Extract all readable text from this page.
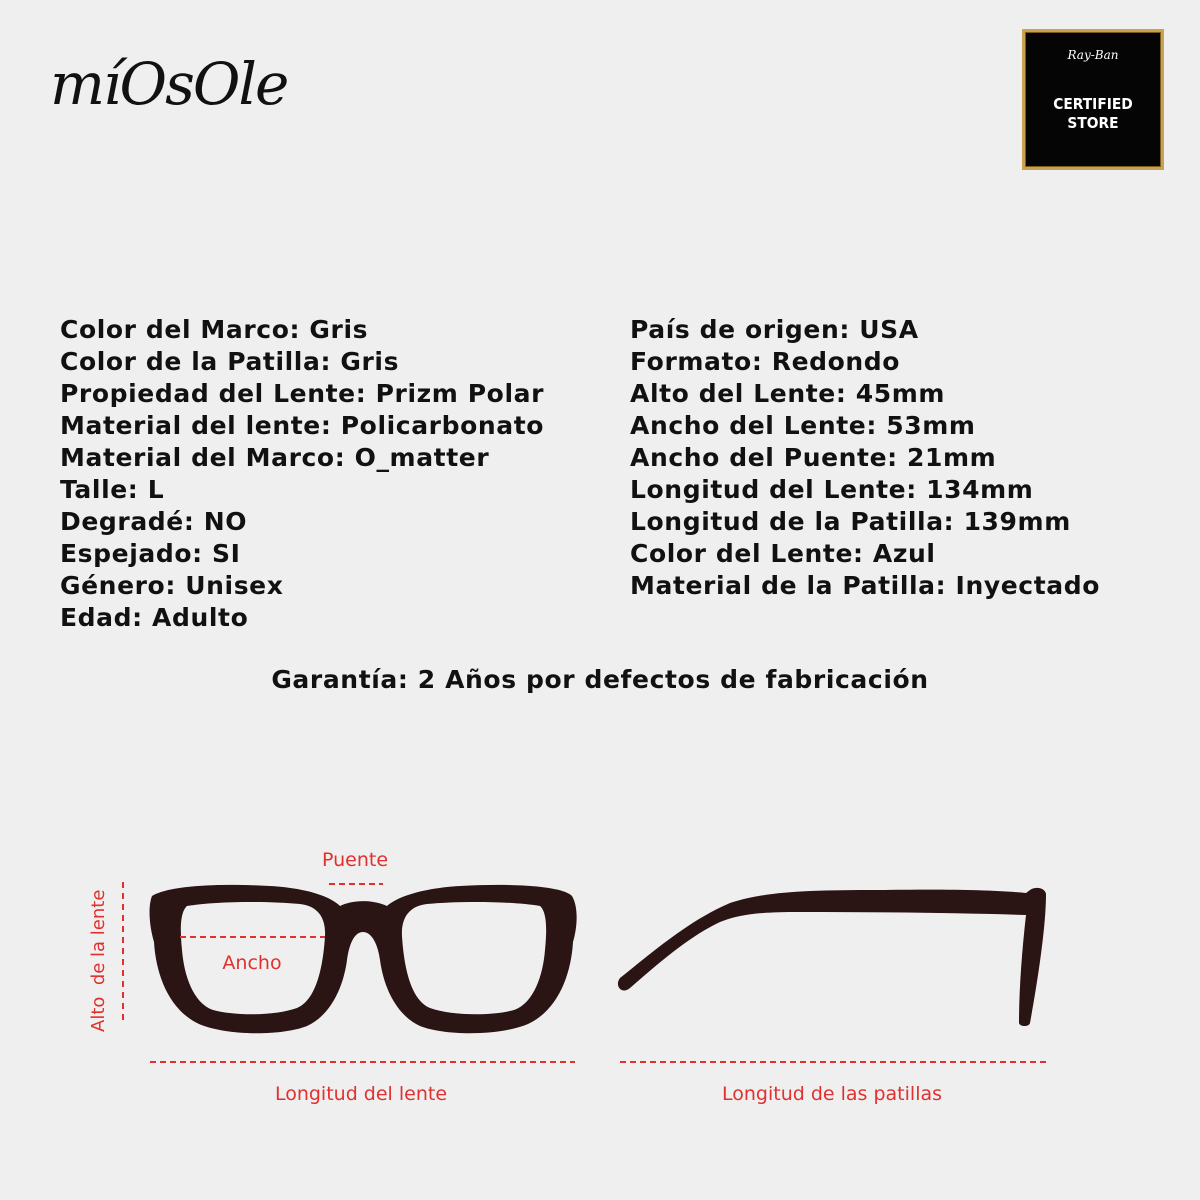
míOsOle	Ray-Ban
CERTIFIED
STORE
Color del Marco: Gris
Color de la Patilla: Gris
Propiedad del Lente: Prizm Polar
Material del lente: Policarbonato
Material del Marco: O_matter
Talle: L
Degradé: NO
Espejado: SI
Género: Unisex
Edad: Adulto
País de origen: USA
Formato: Redondo
Alto del Lente: 45mm
Ancho del Lente: 53mm
Ancho del Puente: 21mm
Longitud del Lente: 134mm
Longitud de la Patilla: 139mm
Color del Lente: Azul
Material de la Patilla: Inyectado
Garantía: 2 Años por defectos de fabricación
Alto  de la lente
Puente
Ancho
Longitud del lente	Longitud de las patillas
